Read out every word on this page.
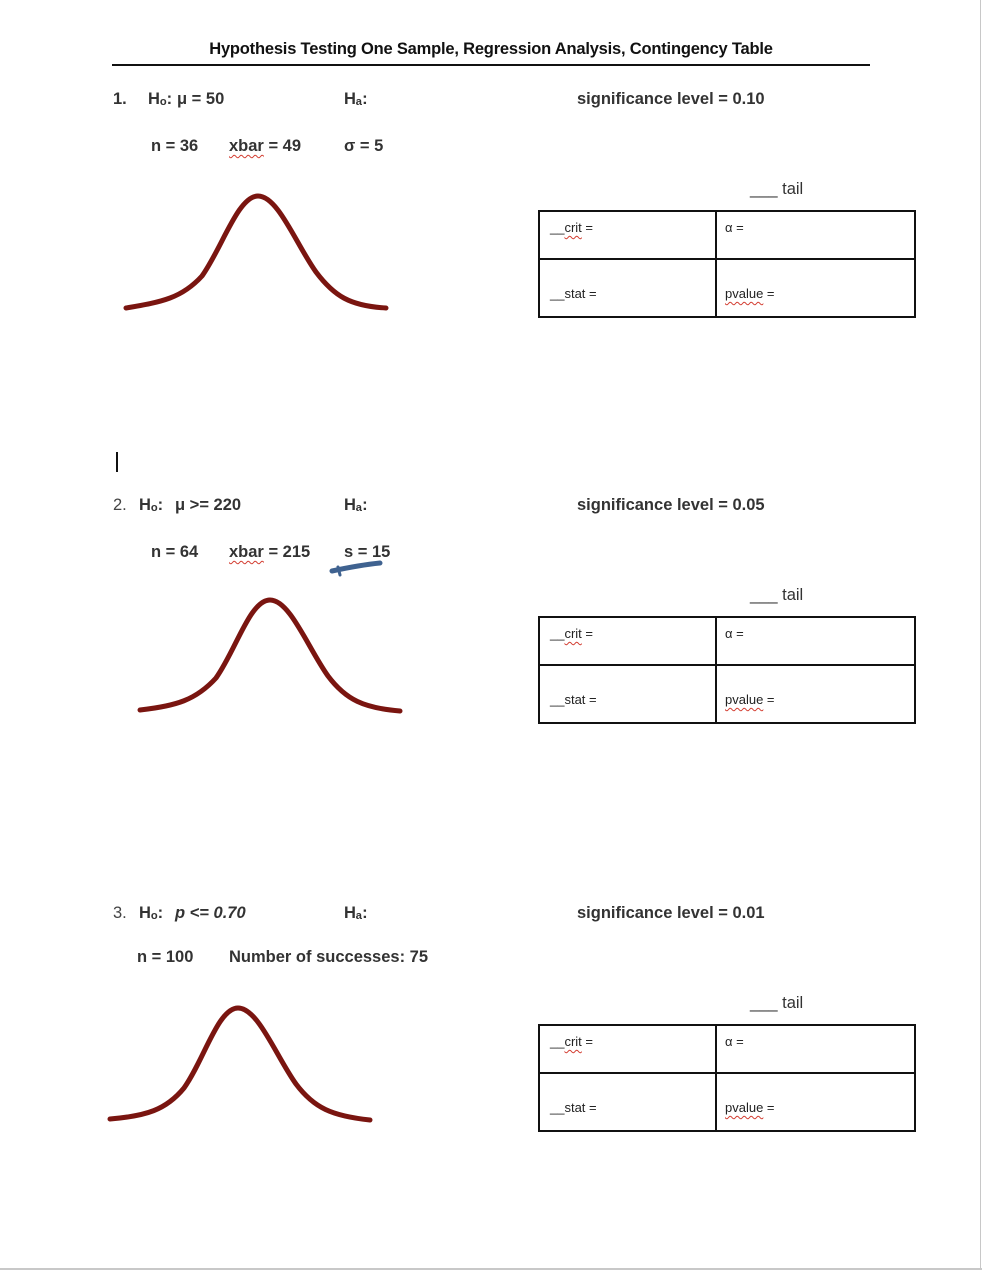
Hypothesis Testing One Sample, Regression Analysis, Contingency Table
1. Hₒ: μ = 50	Hₐ:	significance level = 0.10
n = 36 xbar = 49	σ = 5
___ tail
__crit =	α =
__stat =	pvalue =
2. Hₒ: μ >= 220	Hₐ:	significance level = 0.05
n = 64 xbar = 215 s = 15
___ tail
__crit =	α =
__stat =	pvalue =
3. Hₒ: p <= 0.70	Hₐ:	significance level = 0.01
n = 100 Number of successes: 75
___ tail
__crit =	α =
__stat =	pvalue =
